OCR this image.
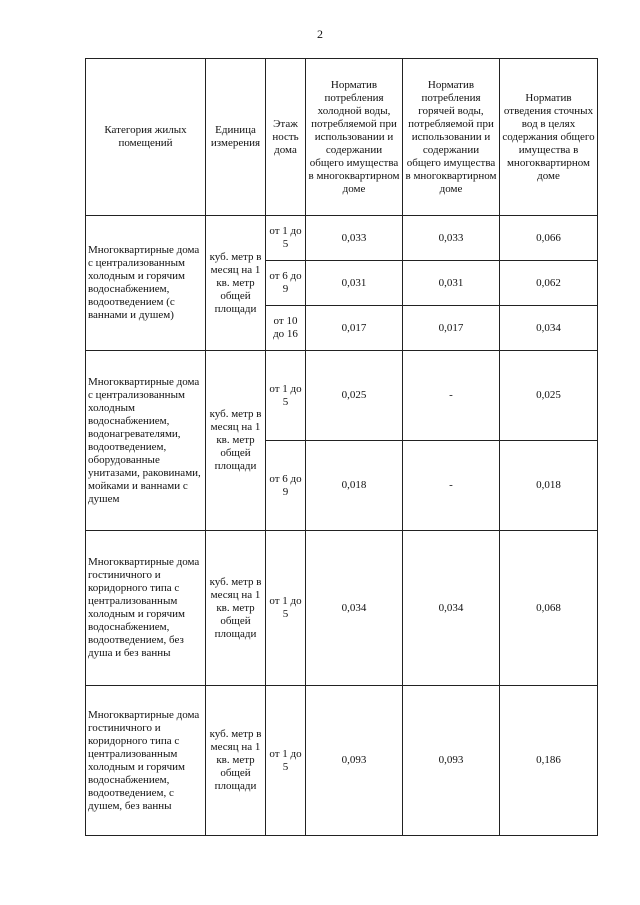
2
Категория жилых помещений	Единица измерения	Этаж ность дома	Норматив потребления холодной воды, потребляемой при использовании и содержании общего имущества в многоквартирном доме	Норматив потребления горячей воды, потребляемой при использовании и содержании общего имущества в многоквартирном доме	Норматив отведения сточных вод в целях содержания общего имущества в многоквартирном доме
Многоквартирные дома с централизованным холодным и горячим водоснабжением, водоотведением (с ваннами и душем)	куб. метр в месяц на 1 кв. метр общей площади	от 1 до 5	0,033	0,033	0,066
		от 6 до 9	0,031	0,031	0,062
		от 10 до 16	0,017	0,017	0,034
Многоквартирные дома с централизованным холодным водоснабжением, водонагревателями, водоотведением, оборудованные унитазами, раковинами, мойками и ваннами с душем	куб. метр в месяц на 1 кв. метр общей площади	от 1 до 5	0,025	-	0,025
		от 6 до 9	0,018	-	0,018
Многоквартирные дома гостиничного и коридорного типа с централизованным холодным и горячим водоснабжением, водоотведением, без душа и без ванны	куб. метр в месяц на 1 кв. метр общей площади	от 1 до 5	0,034	0,034	0,068
Многоквартирные дома гостиничного и коридорного типа с централизованным холодным и горячим водоснабжением, водоотведением, с душем, без ванны	куб. метр в месяц на 1 кв. метр общей площади	от 1 до 5	0,093	0,093	0,186
